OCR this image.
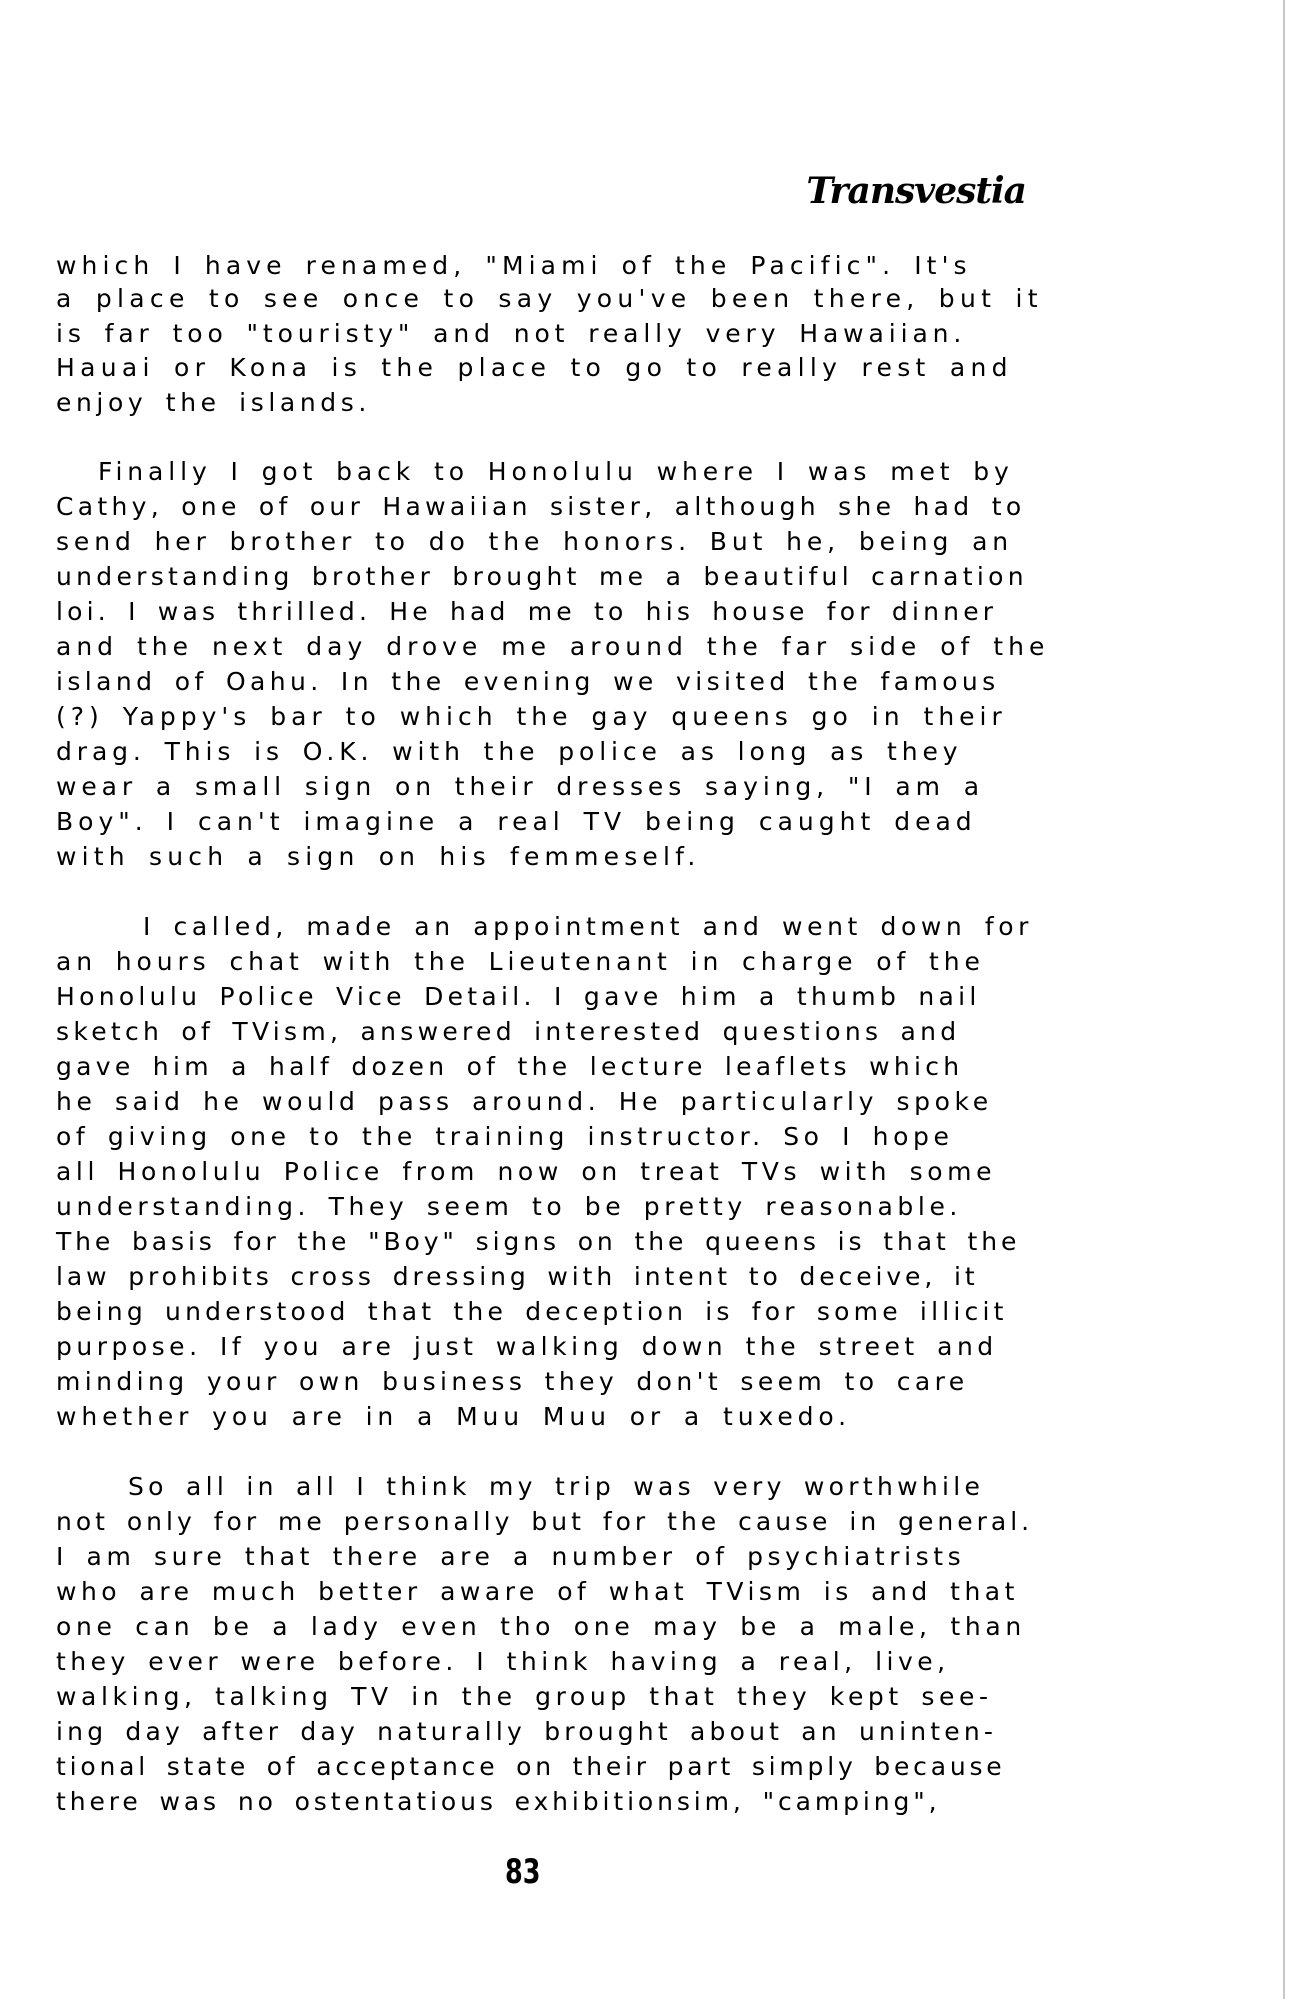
Transvestia
which I have renamed, "Miami of the Pacific". It's
a place to see once to say you've been there, but it
is far too "touristy" and not really very Hawaiian.
Hauai or Kona is the place to go to really rest and
enjoy the islands.
Finally I got back to Honolulu where I was met by
Cathy, one of our Hawaiian sister, although she had to
send her brother to do the honors. But he, being an
understanding brother brought me a beautiful carnation
loi. I was thrilled. He had me to his house for dinner
and the next day drove me around the far side of the
island of Oahu. In the evening we visited the famous
(?) Yappy's bar to which the gay queens go in their
drag. This is O.K. with the police as long as they
wear a small sign on their dresses saying, "I am a
Boy". I can't imagine a real TV being caught dead
with such a sign on his femmeself.
I called, made an appointment and went down for
an hours chat with the Lieutenant in charge of the
Honolulu Police Vice Detail. I gave him a thumb nail
sketch of TVism, answered interested questions and
gave him a half dozen of the lecture leaflets which
he said he would pass around. He particularly spoke
of giving one to the training instructor. So I hope
all Honolulu Police from now on treat TVs with some
understanding. They seem to be pretty reasonable.
The basis for the "Boy" signs on the queens is that the
law prohibits cross dressing with intent to deceive, it
being understood that the deception is for some illicit
purpose. If you are just walking down the street and
minding your own business they don't seem to care
whether you are in a Muu Muu or a tuxedo.
So all in all I think my trip was very worthwhile
not only for me personally but for the cause in general.
I am sure that there are a number of psychiatrists
who are much better aware of what TVism is and that
one can be a lady even tho one may be a male, than
they ever were before. I think having a real, live,
walking, talking TV in the group that they kept see-
ing day after day naturally brought about an uninten-
tional state of acceptance on their part simply because
there was no ostentatious exhibitionsim, "camping",
83
